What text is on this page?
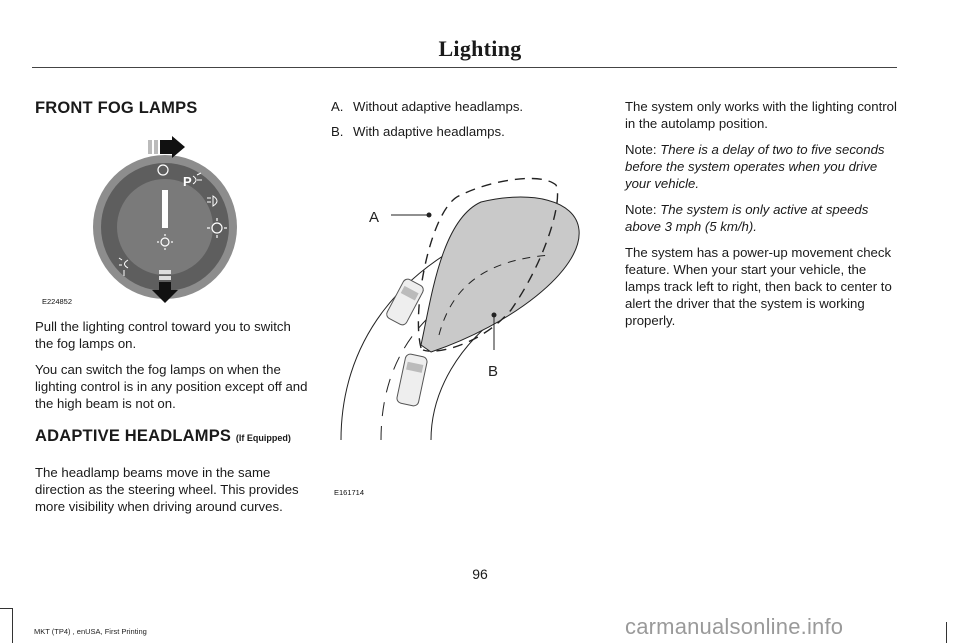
Lighting
FRONT FOG LAMPS
P
E224852

Pull the lighting control toward you to switch the fog lamps on.

You can switch the fog lamps on when the lighting control is in any position except off and the high beam is not on.

ADAPTIVE HEADLAMPS (If Equipped)

The headlamp beams move in the same direction as the steering wheel. This provides more visibility when driving around curves.

A. Without adaptive headlamps.
B. With adaptive headlamps.
A
B
E161714

The system only works with the lighting control in the autolamp position.

Note: There is a delay of two to five seconds before the system operates when you drive your vehicle.

Note: The system is only active at speeds above 3 mph (5 km/h).

The system has a power-up movement check feature. When your start your vehicle, the lamps track left to right, then back to center to alert the driver that the system is working properly.

96
MKT (TP4) , enUSA, First Printing	carmanualsonline.info
